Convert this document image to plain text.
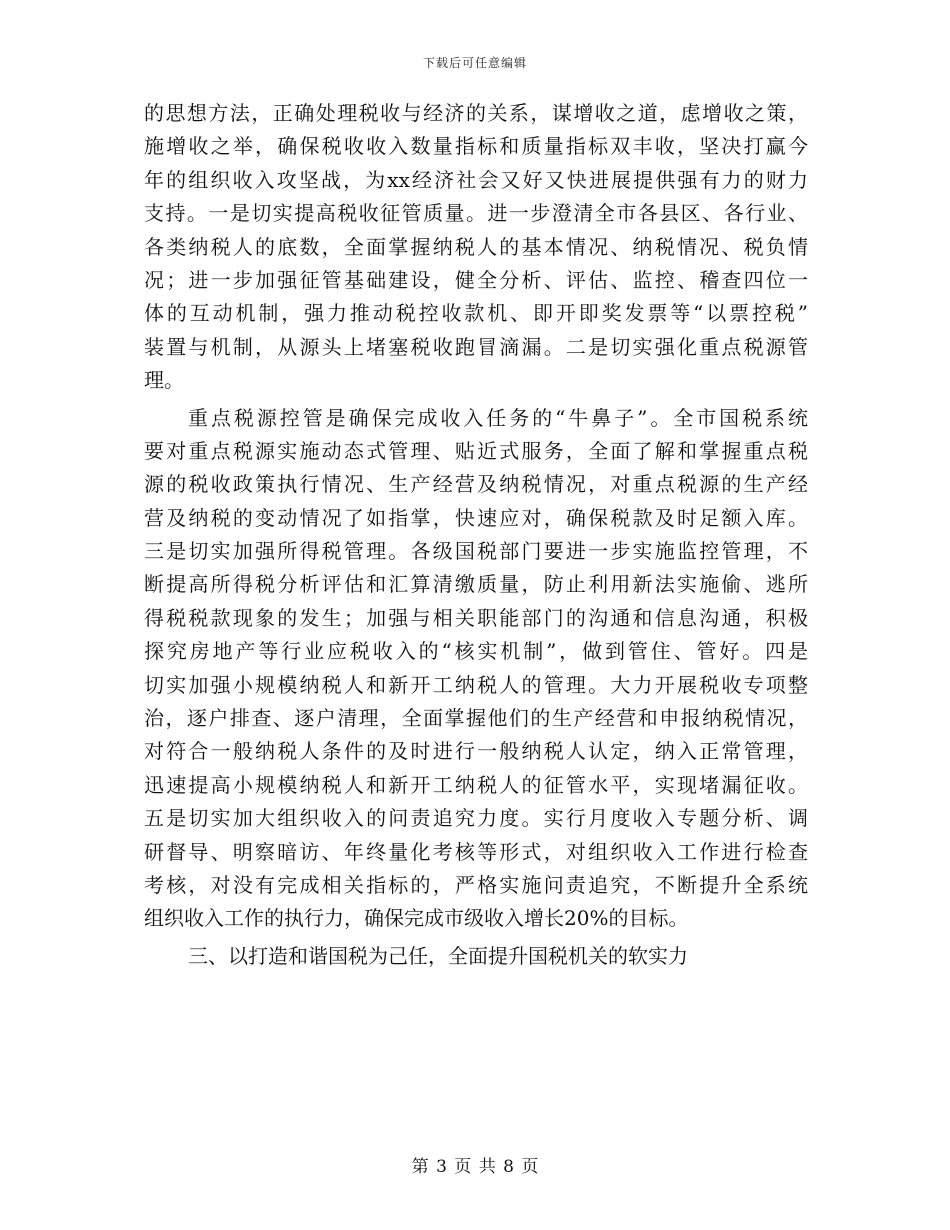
下载后可任意编辑
的思想方法，正确处理税收与经济的关系，谋增收之道，虑增收之策，
施增收之举，确保税收收入数量指标和质量指标双丰收，坚决打赢今
年的组织收入攻坚战，为xx经济社会又好又快进展提供强有力的财力
支持。一是切实提高税收征管质量。进一步澄清全市各县区、各行业、
各类纳税人的底数，全面掌握纳税人的基本情况、纳税情况、税负情
况；进一步加强征管基础建设，健全分析、评估、监控、稽查四位一
体的互动机制，强力推动税控收款机、即开即奖发票等“以票控税”
装置与机制，从源头上堵塞税收跑冒滴漏。二是切实强化重点税源管
理。
重点税源控管是确保完成收入任务的“牛鼻子”。全市国税系统
要对重点税源实施动态式管理、贴近式服务，全面了解和掌握重点税
源的税收政策执行情况、生产经营及纳税情况，对重点税源的生产经
营及纳税的变动情况了如指掌，快速应对，确保税款及时足额入库。
三是切实加强所得税管理。各级国税部门要进一步实施监控管理，不
断提高所得税分析评估和汇算清缴质量，防止利用新法实施偷、逃所
得税税款现象的发生；加强与相关职能部门的沟通和信息沟通，积极
探究房地产等行业应税收入的“核实机制”，做到管住、管好。四是
切实加强小规模纳税人和新开工纳税人的管理。大力开展税收专项整
治，逐户排查、逐户清理，全面掌握他们的生产经营和申报纳税情况，
对符合一般纳税人条件的及时进行一般纳税人认定，纳入正常管理，
迅速提高小规模纳税人和新开工纳税人的征管水平，实现堵漏征收。
五是切实加大组织收入的问责追究力度。实行月度收入专题分析、调
研督导、明察暗访、年终量化考核等形式，对组织收入工作进行检查
考核，对没有完成相关指标的，严格实施问责追究，不断提升全系统
组织收入工作的执行力，确保完成市级收入增长20%的目标。
三、以打造和谐国税为己任，全面提升国税机关的软实力
第 3 页 共 8 页
